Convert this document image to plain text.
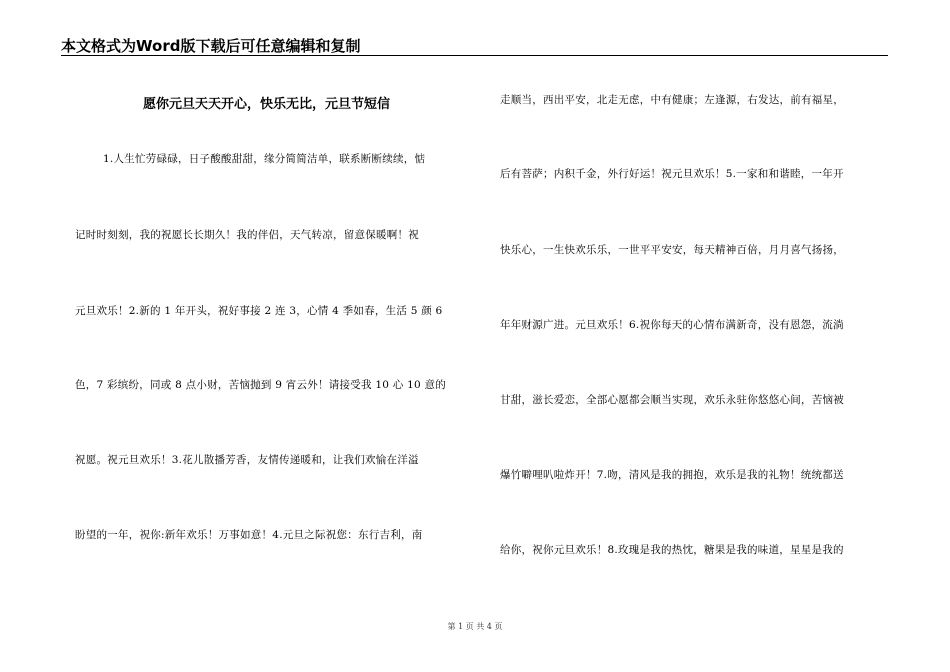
本文格式为Word版下载后可任意编辑和复制
愿你元旦天天开心，快乐无比，元旦节短信
1.人生忙劳碌碌，日子酸酸甜甜，缘分简简洁单，联系断断续续，惦
记时时刻刻，我的祝愿长长期久！我的伴侣，天气转凉，留意保暖啊！祝
元旦欢乐！2.新的 1 年开头，祝好事接 2 连 3，心情 4 季如春，生活 5 颜 6
色，7 彩缤纷，同或 8 点小财，苦恼抛到 9 宵云外！请接受我 10 心 10 意的
祝愿。祝元旦欢乐！3.花儿散播芳香，友情传递暖和，让我们欢愉在洋溢
盼望的一年，祝你:新年欢乐！万事如意！4.元旦之际祝您：东行吉利，南
走顺当，西出平安，北走无虑，中有健康；左逢源，右发达，前有福星，
后有菩萨；内积千金，外行好运！祝元旦欢乐！5.一家和和谐睦，一年开
快乐心，一生快欢乐乐，一世平平安安，每天精神百倍，月月喜气扬扬，
年年财源广进。元旦欢乐！6.祝你每天的心情布满新奇，没有恩怨，流淌
甘甜，滋长爱恋，全部心愿都会顺当实现，欢乐永驻你悠悠心间，苦恼被
爆竹噼哩叭啦炸开！7.吻，清风是我的拥抱，欢乐是我的礼物！统统都送
给你，祝你元旦欢乐！8.玫瑰是我的热忱，糖果是我的味道，星星是我的
第 1 页 共 4 页
